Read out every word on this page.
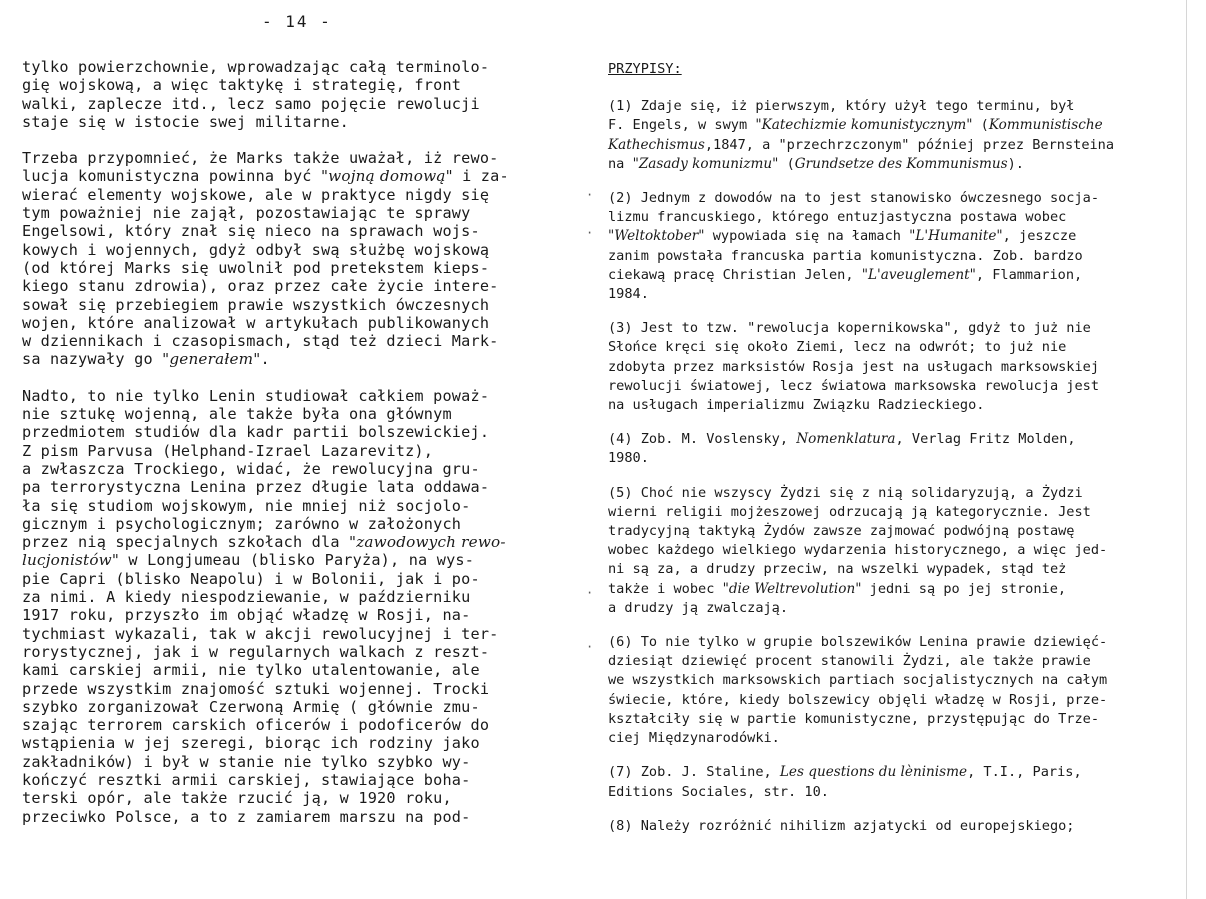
- 14 -
tylko powierzchownie, wprowadzając całą terminolo-
gię wojskową, a więc taktykę i strategię, front
walki, zaplecze itd., lecz samo pojęcie rewolucji
staje się w istocie swej militarne.
Trzeba przypomnieć, że Marks także uważał, iż rewo-
lucja komunistyczna powinna być "wojną domową" i za-
wierać elementy wojskowe, ale w praktyce nigdy się
tym poważniej nie zajął, pozostawiając te sprawy
Engelsowi, który znał się nieco na sprawach wojs-
kowych i wojennych, gdyż odbył swą służbę wojskową
(od której Marks się uwolnił pod pretekstem kieps-
kiego stanu zdrowia), oraz przez całe życie intere-
sował się przebiegiem prawie wszystkich ówczesnych
wojen, które analizował w artykułach publikowanych
w dziennikach i czasopismach, stąd też dzieci Mark-
sa nazywały go "generałem".
Nadto, to nie tylko Lenin studiował całkiem poważ-
nie sztukę wojenną, ale także była ona głównym
przedmiotem studiów dla kadr partii bolszewickiej.
Z pism Parvusa (Helphand-Izrael Lazarevitz),
a zwłaszcza Trockiego, widać, że rewolucyjna gru-
pa terrorystyczna Lenina przez długie lata oddawa-
ła się studiom wojskowym, nie mniej niż socjolo-
gicznym i psychologicznym; zarówno w założonych
przez nią specjalnych szkołach dla "zawodowych rewo-
lucjonistów" w Longjumeau (blisko Paryża), na wys-
pie Capri (blisko Neapolu) i w Bolonii, jak i po-
za nimi. A kiedy niespodziewanie, w październiku
1917 roku, przyszło im objąć władzę w Rosji, na-
tychmiast wykazali, tak w akcji rewolucyjnej i ter-
rorystycznej, jak i w regularnych walkach z reszt-
kami carskiej armii, nie tylko utalentowanie, ale
przede wszystkim znajomość sztuki wojennej. Trocki
szybko zorganizował Czerwoną Armię ( głównie zmu-
szając terrorem carskich oficerów i podoficerów do
wstąpienia w jej szeregi, biorąc ich rodziny jako
zakładników) i był w stanie nie tylko szybko wy-
kończyć resztki armii carskiej, stawiające boha-
terski opór, ale także rzucić ją, w 1920 roku,
przeciwko Polsce, a to z zamiarem marszu na pod-
PRZYPISY:
(1) Zdaje się, iż pierwszym, który użył tego terminu, był
F. Engels, w swym "Katechizmie komunistycznym" (Kommunistische
Kathechismus,1847, a "przechrzczonym" później przez Bernsteina
na "Zasady komunizmu" (Grundsetze des Kommunismus).
(2) Jednym z dowodów na to jest stanowisko ówczesnego socja-
lizmu francuskiego, którego entuzjastyczna postawa wobec
"Weltoktober" wypowiada się na łamach "L'Humanite", jeszcze
zanim powstała francuska partia komunistyczna. Zob. bardzo
ciekawą pracę Christian Jelen, "L'aveuglement", Flammarion,
1984.
(3) Jest to tzw. "rewolucja kopernikowska", gdyż to już nie
Słońce kręci się około Ziemi, lecz na odwrót; to już nie
zdobyta przez marksistów Rosja jest na usługach marksowskiej
rewolucji światowej, lecz światowa marksowska rewolucja jest
na usługach imperializmu Związku Radzieckiego.
(4) Zob. M. Voslensky, Nomenklatura, Verlag Fritz Molden,
1980.
(5) Choć nie wszyscy Żydzi się z nią solidaryzują, a Żydzi
wierni religii mojżeszowej odrzucają ją kategorycznie. Jest
tradycyjną taktyką Żydów zawsze zajmować podwójną postawę
wobec każdego wielkiego wydarzenia historycznego, a więc jed-
ni są za, a drudzy przeciw, na wszelki wypadek, stąd też
także i wobec "die Weltrevolution" jedni są po jej stronie,
a drudzy ją zwalczają.
(6) To nie tylko w grupie bolszewików Lenina prawie dziewięć-
dziesiąt dziewięć procent stanowili Żydzi, ale także prawie
we wszystkich marksowskich partiach socjalistycznych na całym
świecie, które, kiedy bolszewicy objęli władzę w Rosji, prze-
kształciły się w partie komunistyczne, przystępując do Trze-
ciej Międzynarodówki.
(7) Zob. J. Staline, Les questions du lèninisme, T.I., Paris,
Editions Sociales, str. 10.
(8) Należy rozróżnić nihilizm azjatycki od europejskiego;
·
·
·
·
